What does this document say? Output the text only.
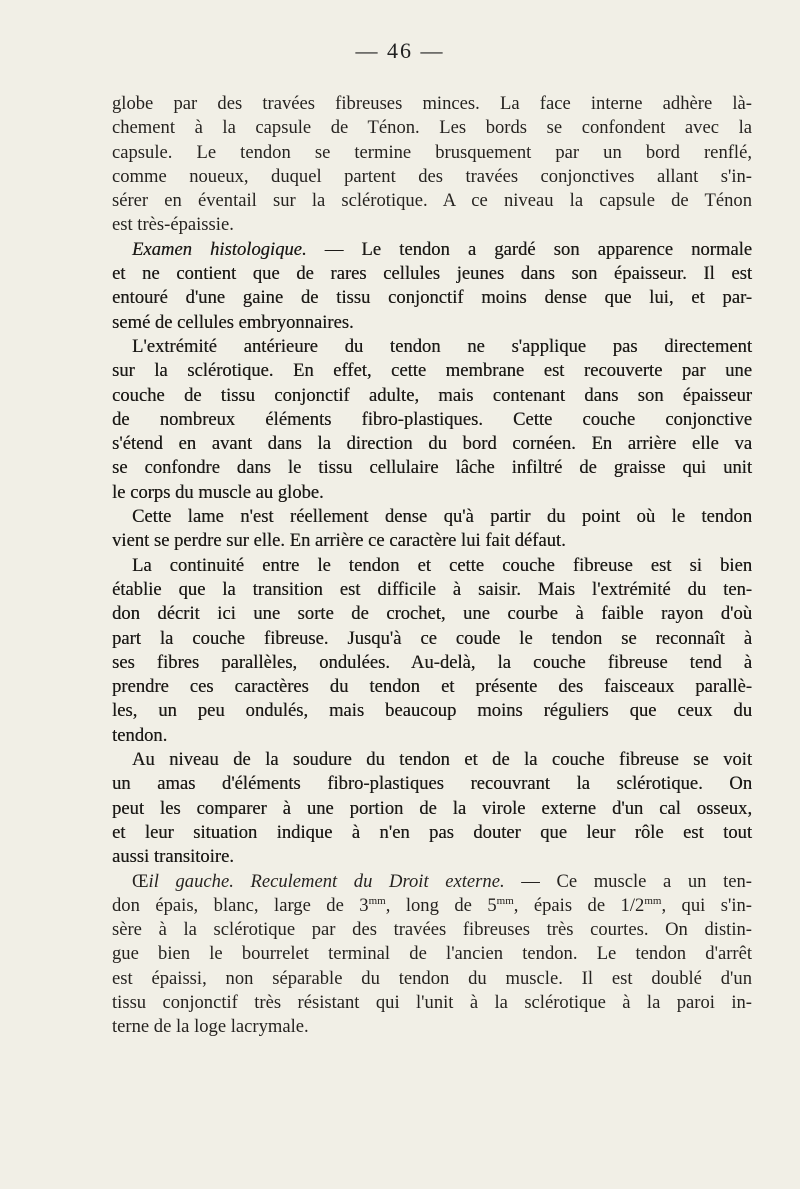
— 46 —

globe par des travées fibreuses minces. La face interne adhère là-
chement à la capsule de Ténon. Les bords se confondent avec la
capsule. Le tendon se termine brusquement par un bord renflé,
comme noueux, duquel partent des travées conjonctives allant s'in-
sérer en éventail sur la sclérotique. A ce niveau la capsule de Ténon
est très-épaissie.

Examen histologique. — Le tendon a gardé son apparence normale
et ne contient que de rares cellules jeunes dans son épaisseur. Il est
entouré d'une gaine de tissu conjonctif moins dense que lui, et par-
semé de cellules embryonnaires.

L'extrémité antérieure du tendon ne s'applique pas directement
sur la sclérotique. En effet, cette membrane est recouverte par une
couche de tissu conjonctif adulte, mais contenant dans son épaisseur
de nombreux éléments fibro-plastiques. Cette couche conjonctive
s'étend en avant dans la direction du bord cornéen. En arrière elle va
se confondre dans le tissu cellulaire lâche infiltré de graisse qui unit
le corps du muscle au globe.

Cette lame n'est réellement dense qu'à partir du point où le tendon
vient se perdre sur elle. En arrière ce caractère lui fait défaut.

La continuité entre le tendon et cette couche fibreuse est si bien
établie que la transition est difficile à saisir. Mais l'extrémité du ten-
don décrit ici une sorte de crochet, une courbe à faible rayon d'où
part la couche fibreuse. Jusqu'à ce coude le tendon se reconnaît à
ses fibres parallèles, ondulées. Au-delà, la couche fibreuse tend à
prendre ces caractères du tendon et présente des faisceaux parallè-
les, un peu ondulés, mais beaucoup moins réguliers que ceux du
tendon.

Au niveau de la soudure du tendon et de la couche fibreuse se voit
un amas d'éléments fibro-plastiques recouvrant la sclérotique. On
peut les comparer à une portion de la virole externe d'un cal osseux,
et leur situation indique à n'en pas douter que leur rôle est tout
aussi transitoire.

Œil gauche. Reculement du Droit externe. — Ce muscle a un ten-
don épais, blanc, large de $3^{mm}$, long de $5^{mm}$, épais de $1/2^{mm}$, qui s'in-
sère à la sclérotique par des travées fibreuses très courtes. On distin-
gue bien le bourrelet terminal de l'ancien tendon. Le tendon d'arrêt
est épaissi, non séparable du tendon du muscle. Il est doublé d'un
tissu conjonctif très résistant qui l'unit à la sclérotique à la paroi in-
terne de la loge lacrymale.
